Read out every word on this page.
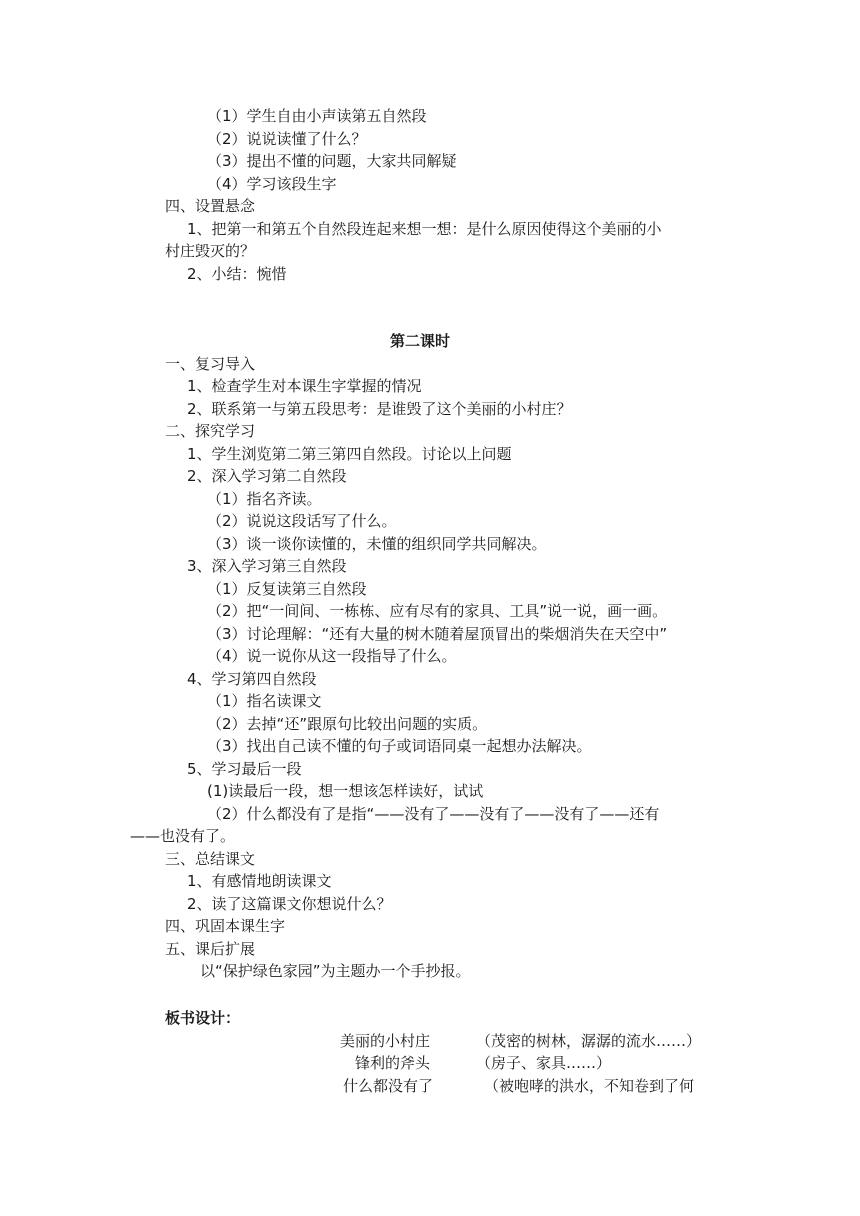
（1）学生自由小声读第五自然段
（2）说说读懂了什么？
（3）提出不懂的问题，大家共同解疑
（4）学习该段生字
四、设置悬念
1、把第一和第五个自然段连起来想一想：是什么原因使得这个美丽的小
村庄毁灭的？
2、小结：惋惜
第二课时
一、复习导入
1、检查学生对本课生字掌握的情况
2、联系第一与第五段思考：是谁毁了这个美丽的小村庄？
二、探究学习
1、学生浏览第二第三第四自然段。讨论以上问题
2、深入学习第二自然段
（1）指名齐读。
（2）说说这段话写了什么。
（3）谈一谈你读懂的，未懂的组织同学共同解决。
3、深入学习第三自然段
（1）反复读第三自然段
（2）把“一间间、一栋栋、应有尽有的家具、工具”说一说，画一画。
（3）讨论理解：“还有大量的树木随着屋顶冒出的柴烟消失在天空中”
（4）说一说你从这一段指导了什么。
4、学习第四自然段
（1）指名读课文
（2）去掉“还”跟原句比较出问题的实质。
（3）找出自己读不懂的句子或词语同桌一起想办法解决。
5、学习最后一段
(1)读最后一段，想一想该怎样读好，试试
（2）什么都没有了是指“——没有了——没有了——没有了——还有
——也没有了。
三、总结课文
1、有感情地朗读课文
2、读了这篇课文你想说什么？
四、巩固本课生字
五、课后扩展
以“保护绿色家园”为主题办一个手抄报。
板书设计：
美丽的小村庄	（茂密的树林，潺潺的流水……）
锋利的斧头	（房子、家具……）
什么都没有了	（被咆哮的洪水，不知卷到了何
